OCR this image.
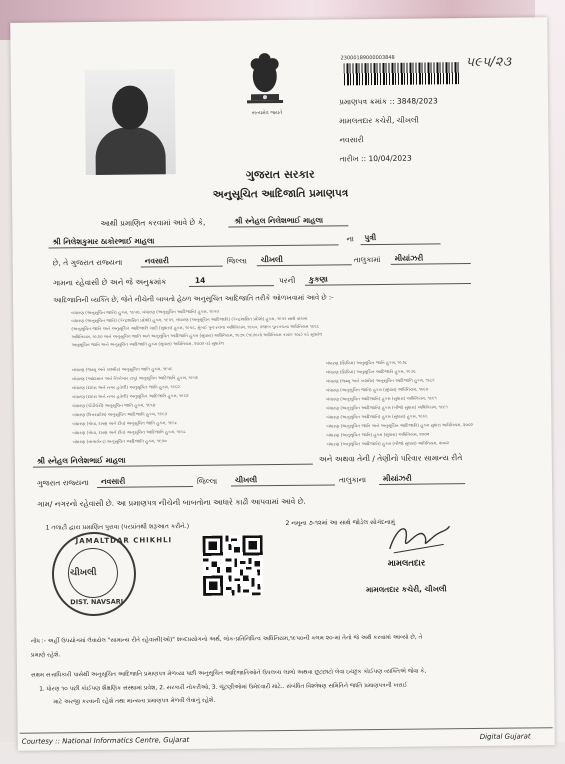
સત્યમેવ જયતે
23000189000003848	૫૯૫/૨૩
પ્રમાણપત્ર ક્રમાંક :: 3848/2023
મામલતદાર કચેરી, ચીખલી
નવસારી
તારીખ :: 10/04/2023
ગુજરાત સરકાર
અનુસૂચિત આદિજાતિ પ્રમાણપત્ર
આથી પ્રમાણિત કરવામાં આવે છે કે,	શ્રી સ્નેહલ નિલેશભાઈ માહલા
શ્રી નિલેશકુમાર ઠાકોરભાઈ માહલા	ના પુત્રી
છે, તે ગુજરાત રાજ્યના	નવસારી	જિલ્લા ચીખલી	તાલુકામાં મીયાંઝરી
ગામના રહેવાસી છે અને જે અનુક્રમાંક	14	પરની કુકણા
આદિજાતિની વ્યક્તિ છે, જેને નીચેની બાબતો હેઠળ અનુસૂચિત આદિજાતિ તરીકે ઓળખવામાં આવે છે :-
બંધારણ (અનુસૂચિત જાતિ) હુકમ, ૧૯૫૦, બંધારણ (અનુસૂચિત આદિજાતિ) હુકમ, ૧૯૫૦
બંધારણ (અનુસૂચિત જાતિ) (કેન્દ્રશાસિત પ્રદેશો) હુકમ, ૧૯૫૧, બંધારણ (અનુસૂચિત આદિજાતિ) (કેન્દ્રશાસિત પ્રદેશો) હુકમ, ૧૯૫૧ સાથે વાંચતા
(અનુસૂચિત જાતિ અને અનુસૂચિત આદિજાતિ યાદી (સુધારા) હુકમ, ૧૯૫૬, મુંબઈ પુનઃરચના અધિનિયમ, ૧૯૬૦, પંજાબ પુનઃરચના અધિનિયમ ૧૯૬૬
અધિનિયમ, ૧૯૭૦ અને અનુસૂચિત જાતિ અને અનુસૂચિત આદિજાતિ હુકમ (સુધારા) અધિનિયમ, ૧૯૭૬ (૧૯૭૬નો અધિનિયમ ક્રમાંક ૧૦૮) વડે સુધારેલ
અનુસૂચિત જાતિ અને અનુસૂચિત આદિજાતિ હુકમ (સુધારા) અધિનિયમ, ૨૦૦૨ વડે સુધારેલ
બંધારણ (જમ્મુ અને કાશ્મીર) અનુસૂચિત જાતિ હુકમ, ૧૯૫૬
બંધારણ (આંદામાન અને નિકોબાર ટાપુ) અનુસૂચિત આદિજાતિ હુકમ, ૧૯૫૯
બંધારણ (દાદરા અને નગર હવેલી) અનુસૂચિત જાતિ હુકમ, ૧૯૬૨
બંધારણ (દાદરા અને નગર હવેલી) અનુસૂચિત આદિજાતિ હુકમ, ૧૯૬૨
બંધારણ (પોંડીચેરી) અનુસૂચિત જાતિ હુકમ, ૧૯૬૪
બંધારણ (ઉત્તરપ્રદેશ) અનુસૂચિત આદિજાતિ હુકમ, ૧૯૬૭
બંધારણ (ગોવા, દમણ અને દીવ) અનુસૂચિત જાતિ હુકમ, ૧૯૬૮
બંધારણ (ગોવા, દમણ અને દીવ) અનુસૂચિત આદિજાતિ હુકમ, ૧૯૬૮
બંધારણ (નાગાલેન્ડ) અનુસૂચિત આદિજાતિ હુકમ, ૧૯૭૦
બંધારણ (સિક્કિમ) અનુસૂચિત જાતિ હુકમ, ૧૯૭૮
બંધારણ (સિક્કિમ) અનુસૂચિત આદિજાતિ હુકમ, ૧૯૭૮
બંધારણ (જમ્મુ અને કાશ્મીર) અનુસૂચિત આદિજાતિ હુકમ, ૧૯૮૯
બંધારણ (અનુસૂચિત જાતિ) હુકમ (સુધારા) અધિનિયમ, ૧૯૯૦
બંધારણ (અનુસૂચિત આદિજાતિ) હુકમ (સુધારા) અધિનિયમ, ૧૯૯૧
બંધારણ (અનુસૂચિત આદિજાતિ) હુકમ (બીજો સુધારા) અધિનિયમ, ૧૯૯૧
બંધારણ (અનુસૂચિત આદિજાતિ) હુકમ (સુધારા) હુકમ, ૧૯૯૬
બંધારણ (અનુસૂચિત જાતિ અને અનુસૂચિત આદિજાતિ) હુકમ સુધારા અધિનિયમ, ૨૦૦૨
બંધારણ (અનુસૂચિત જાતિ) હુકમ (સુધારા) અધિનિયમ, ૨૦૦૨
બંધારણ (અનુસૂચિત આદિજાતિ) હુકમ (બીજો સુધારા) અધિનિયમ, ૨૦૦૨
શ્રી સ્નેહલ નિલેશભાઈ માહલા	અને અથવા તેની / તેણીનો પરિવાર સામાન્ય રીતે
ગુજરાત રાજ્યના નવસારી	જિલ્લા ચીખલી	તાલુકાના મીયાંઝરી
ગામ/ નગરનો રહેવાસી છે. આ પ્રમાણપત્ર નીચેની બાબતોના આધારે કાઢી આપવામાં આવે છે.
1 તલાટી દ્વારા પ્રમાણિત પુરાવા (પરપ્રાંતથી શરૂઆત કરીને.)
2 નમૂના ૭-૧૨માં આ સાથે જોડેલ સોગંદનામું
JAMALTDAR CHIKHLI
ચીખલી
DIST. NAVSARI
મામલતદાર
મામલતદાર કચેરી, ચીખલી
નોંધ :- અહીં ઉપયોગમાં લેવાયેલ "સામાન્ય રીતે રહેવાસી(ઓ)" શબ્દપ્રયોગનો અર્થ, લોક-પ્રતિનિધિત્વ અધિનિયમ,૧૯૫૦ની કલમ ૨૦-માં તેનો જે અર્થ કરવામાં આવ્યો છે, તે
પ્રમાણે રહેશે.
સક્ષમ સત્તાધિકારી પાસેથી અનુસૂચિત આદિજાતિ પ્રમાણપત્ર મેળવ્યા પછી અનુસૂચિત આદિજાતિઓને ઉપલબ્ધ લાભો અથવા છૂટછાટો લેવા ઇચ્છુક કોઈપણ વ્યક્તિએ જેવા કે,
1. ધોરણ ૧૦ પછી કોઈપણ શૈક્ષણિક સંસ્થામાં પ્રવેશ, 2. સરકારી નોકરીઓ, 3. ચૂંટણીઓમાં ઉમેદવારી માટે.. સંબંધિત વિશ્લેષણ સમિતિને જાતિ પ્રમાણપત્રની ખરાઈ
માટે અરજી કરવાની રહેશે તથા માન્યતા પ્રમાણપત્ર મેળવી લેવાનું રહેશે.
Courtesy :: National Informatics Centre, Gujarat	Digital Gujarat
